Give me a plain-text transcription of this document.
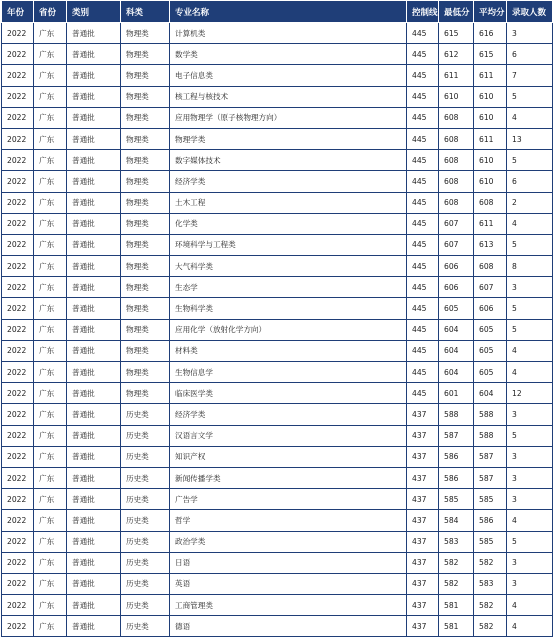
年份	省份	类别	科类	专业名称	控制线	最低分	平均分	录取人数
2022	广东	普通批	物理类	计算机类	445	615	616	3
2022	广东	普通批	物理类	数学类	445	612	615	6
2022	广东	普通批	物理类	电子信息类	445	611	611	7
2022	广东	普通批	物理类	核工程与核技术	445	610	610	5
2022	广东	普通批	物理类	应用物理学（原子核物理方向）	445	608	610	4
2022	广东	普通批	物理类	物理学类	445	608	611	13
2022	广东	普通批	物理类	数字媒体技术	445	608	610	5
2022	广东	普通批	物理类	经济学类	445	608	610	6
2022	广东	普通批	物理类	土木工程	445	608	608	2
2022	广东	普通批	物理类	化学类	445	607	611	4
2022	广东	普通批	物理类	环境科学与工程类	445	607	613	5
2022	广东	普通批	物理类	大气科学类	445	606	608	8
2022	广东	普通批	物理类	生态学	445	606	607	3
2022	广东	普通批	物理类	生物科学类	445	605	606	5
2022	广东	普通批	物理类	应用化学（放射化学方向）	445	604	605	5
2022	广东	普通批	物理类	材料类	445	604	605	4
2022	广东	普通批	物理类	生物信息学	445	604	605	4
2022	广东	普通批	物理类	临床医学类	445	601	604	12
2022	广东	普通批	历史类	经济学类	437	588	588	3
2022	广东	普通批	历史类	汉语言文学	437	587	588	5
2022	广东	普通批	历史类	知识产权	437	586	587	3
2022	广东	普通批	历史类	新闻传播学类	437	586	587	3
2022	广东	普通批	历史类	广告学	437	585	585	3
2022	广东	普通批	历史类	哲学	437	584	586	4
2022	广东	普通批	历史类	政治学类	437	583	585	5
2022	广东	普通批	历史类	日语	437	582	582	3
2022	广东	普通批	历史类	英语	437	582	583	3
2022	广东	普通批	历史类	工商管理类	437	581	582	4
2022	广东	普通批	历史类	德语	437	581	582	4
